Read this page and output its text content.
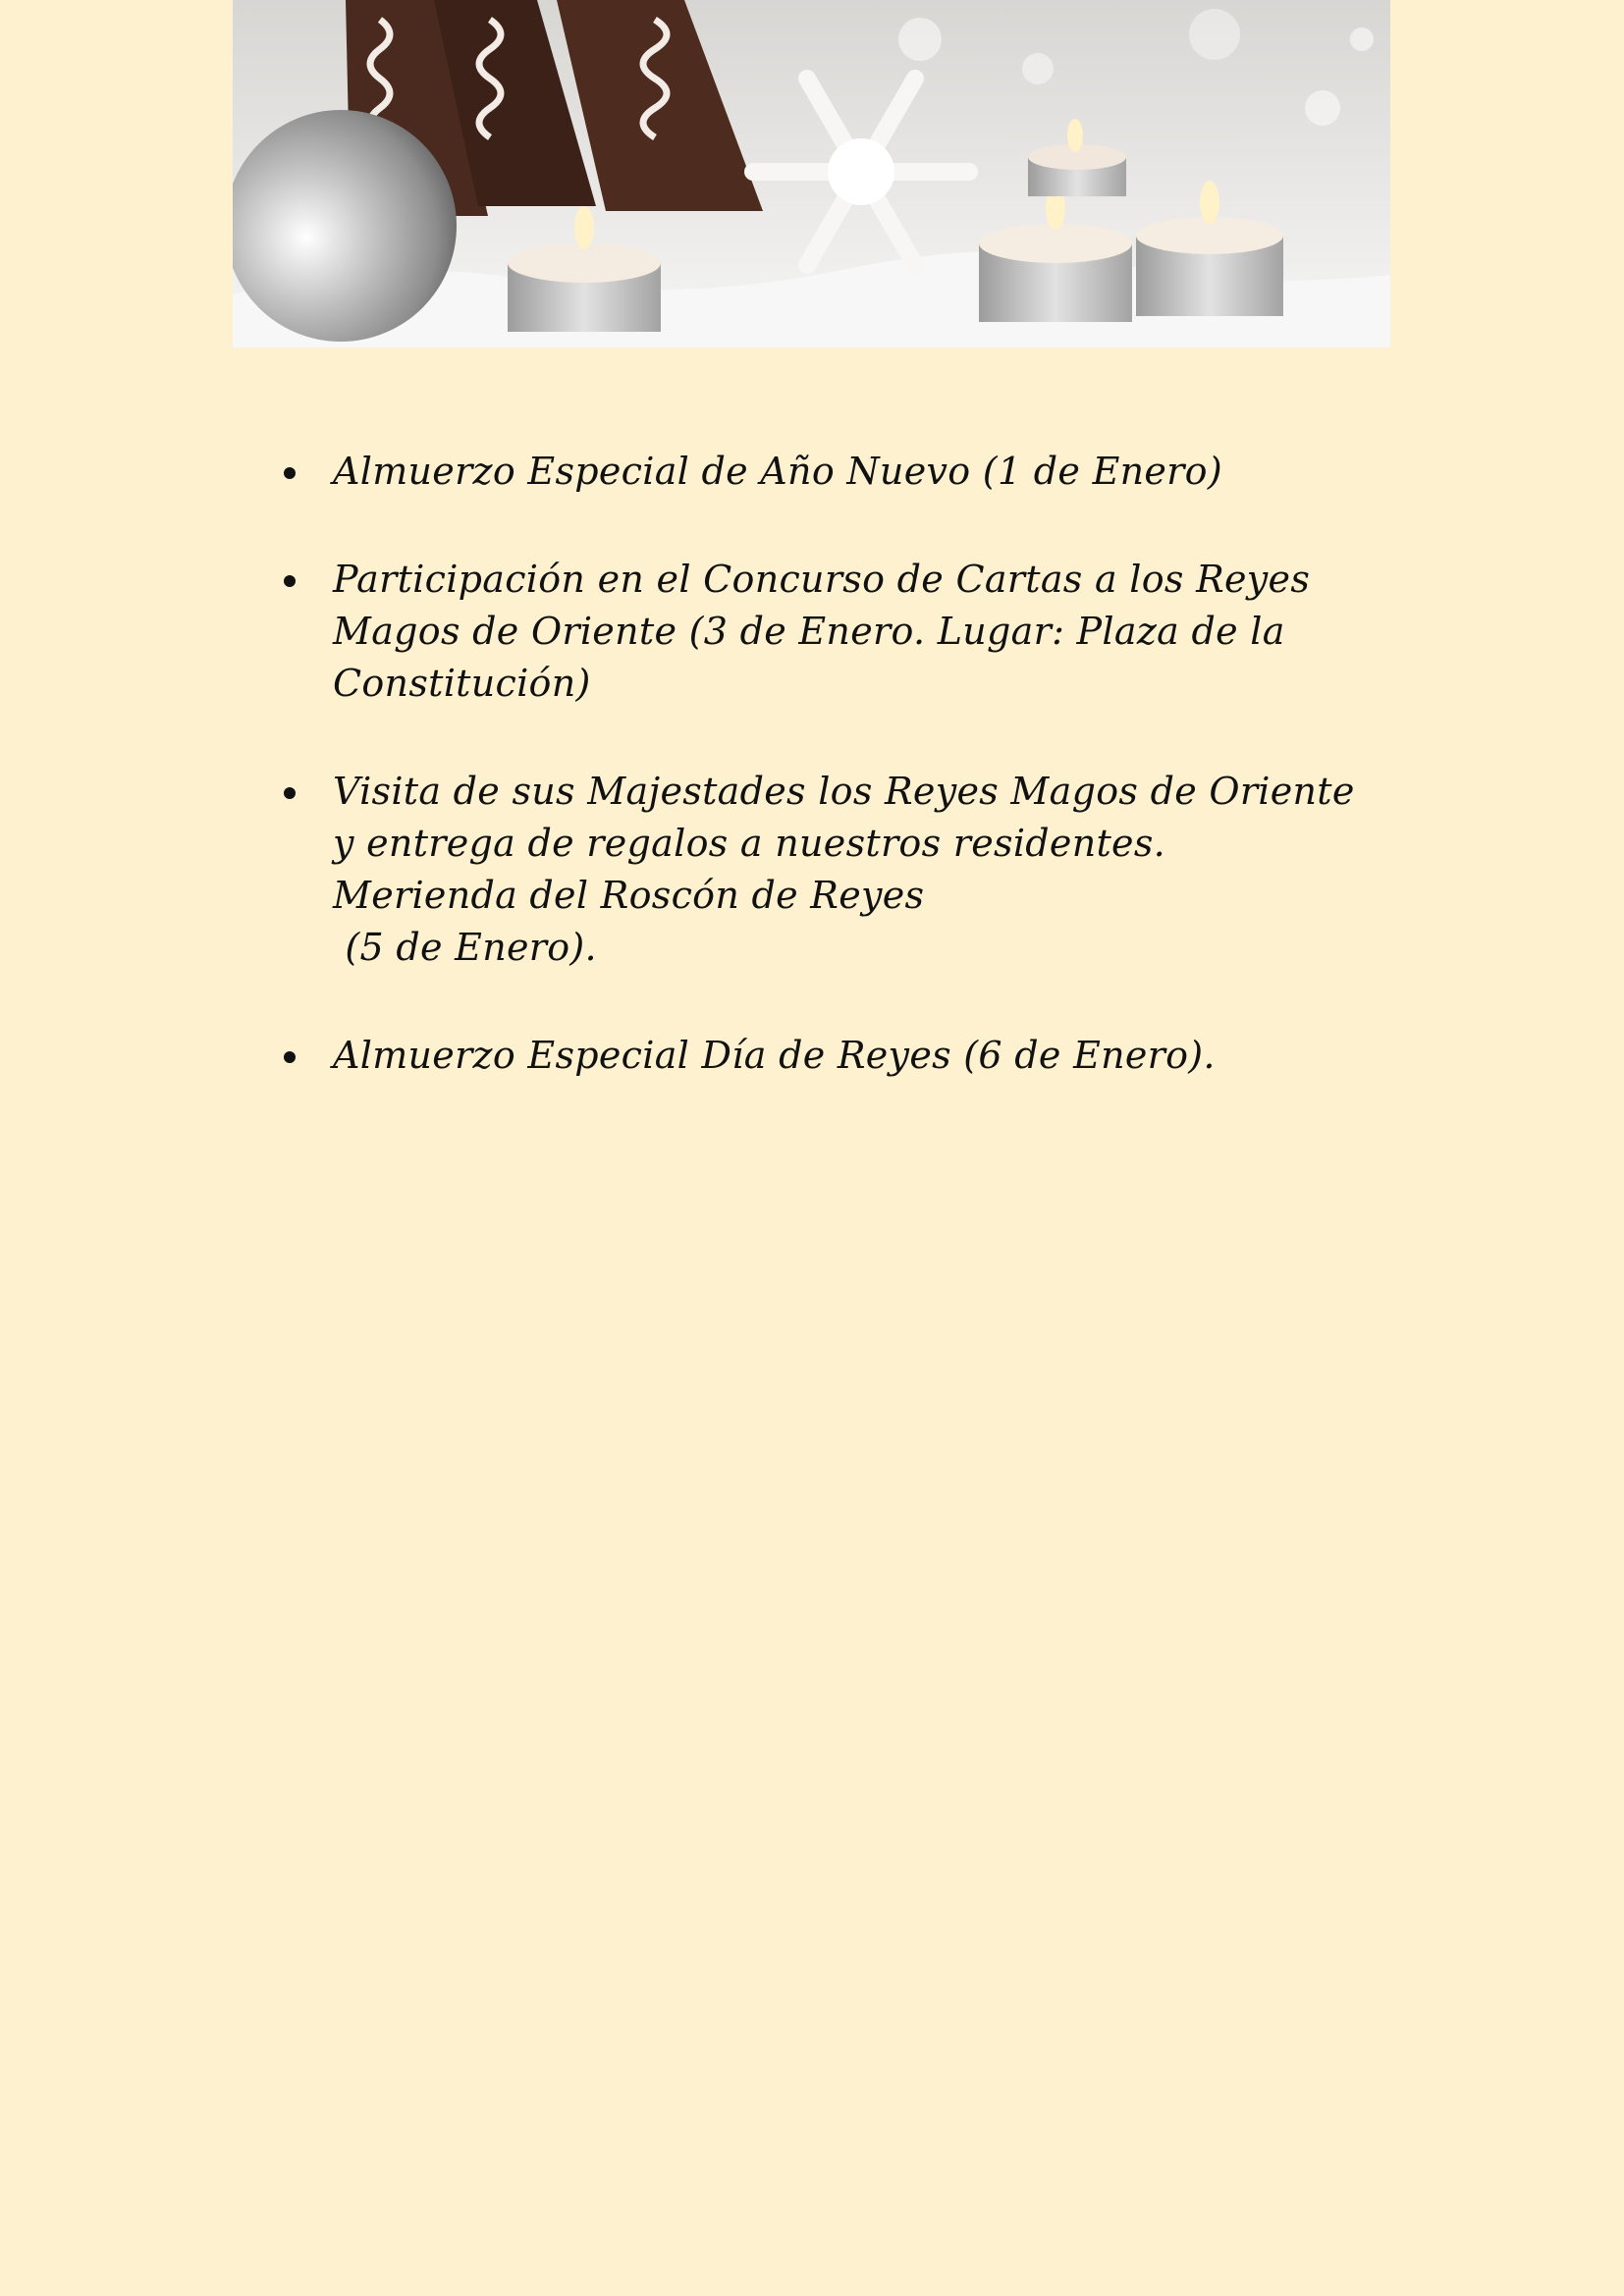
Almuerzo Especial de Año Nuevo (1 de Enero)
Participación en el Concurso de Cartas a los Reyes
Magos de Oriente (3 de Enero. Lugar: Plaza de la
Constitución)
Visita de sus Majestades los Reyes Magos de Oriente
y entrega de regalos a nuestros residentes.
Merienda del Roscón de Reyes
(5 de Enero).
Almuerzo Especial Día de Reyes (6 de Enero).
